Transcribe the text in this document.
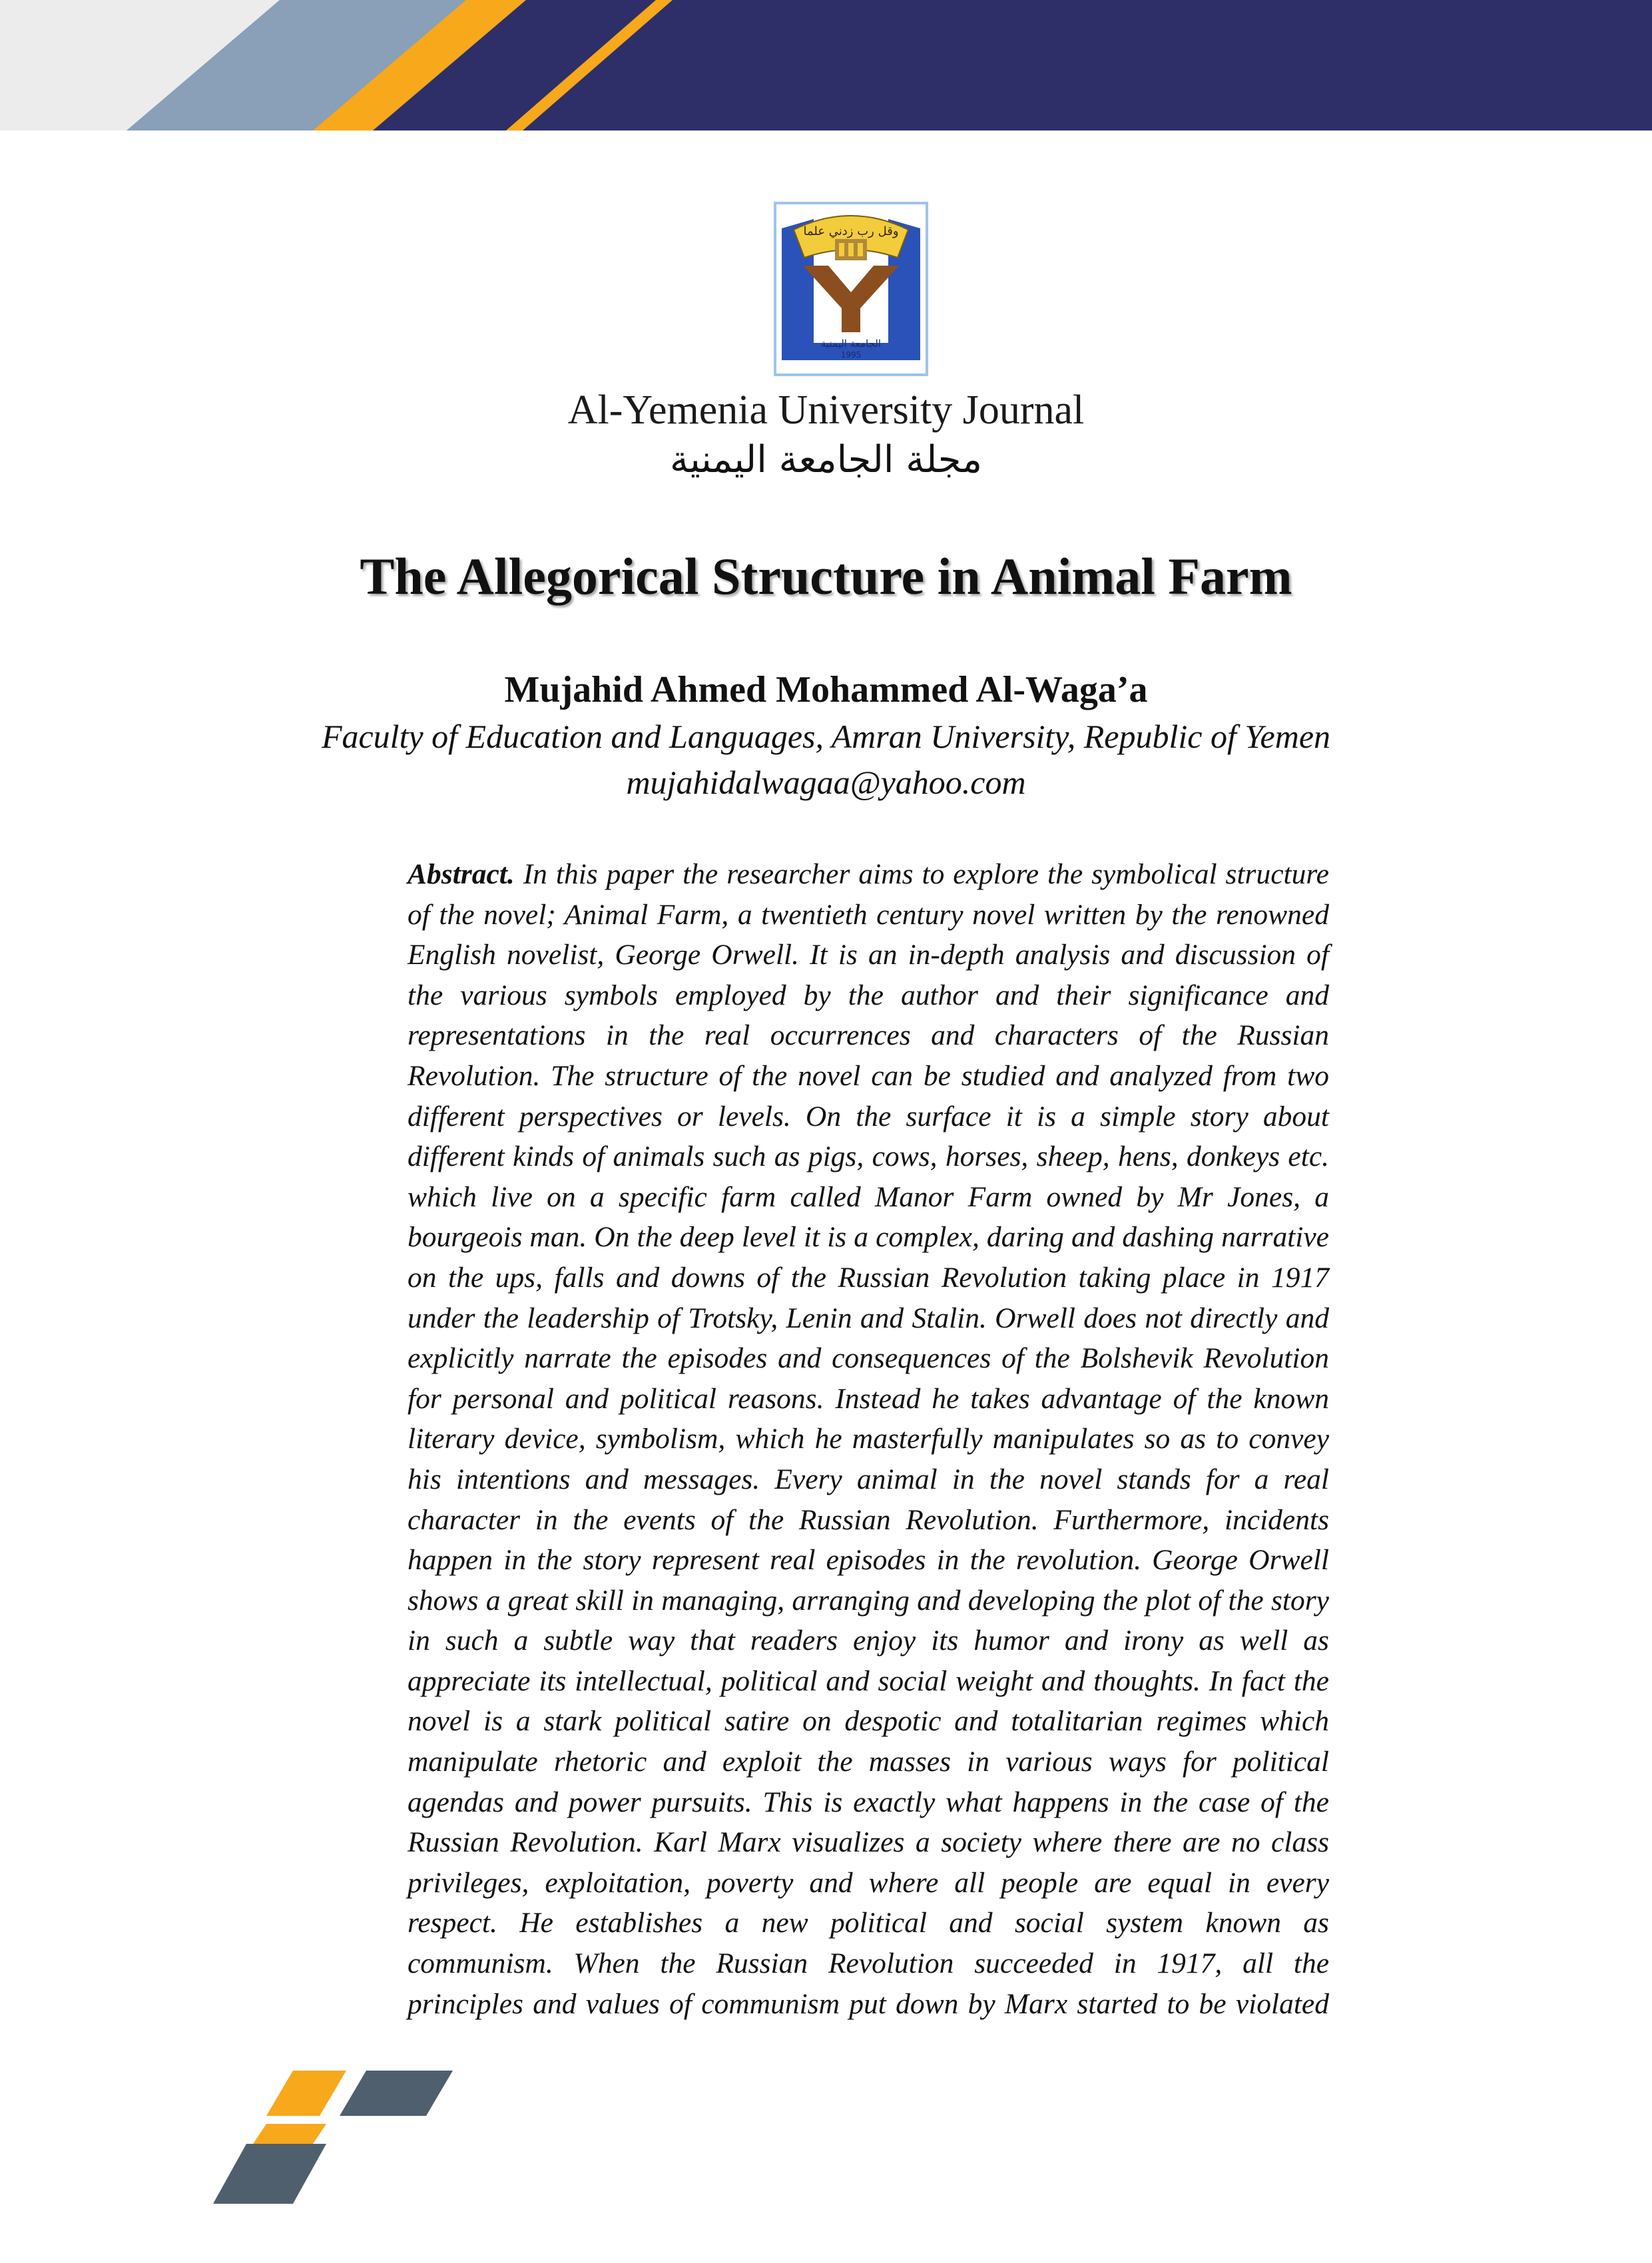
وقل رب زدني علما
الجامعة اليمنية
1995
Al-Yemenia University Journal
مجلة الجامعة اليمنية
The Allegorical Structure in Animal Farm
Mujahid Ahmed Mohammed Al-Waga’a
Faculty of Education and Languages, Amran University, Republic of Yemen
mujahidalwagaa@yahoo.com

Abstract. In this paper the researcher aims to explore the symbolical structure of the novel; Animal Farm, a twentieth century novel written by the renowned English novelist, George Orwell. It is an in-depth analysis and discussion of the various symbols employed by the author and their significance and representations in the real occurrences and characters of the Russian Revolution. The structure of the novel can be studied and analyzed from two different perspectives or levels. On the surface it is a simple story about different kinds of animals such as pigs, cows, horses, sheep, hens, donkeys etc. which live on a specific farm called Manor Farm owned by Mr Jones, a bourgeois man. On the deep level it is a complex, daring and dashing narrative on the ups, falls and downs of the Russian Revolution taking place in 1917 under the leadership of Trotsky, Lenin and Stalin. Orwell does not directly and explicitly narrate the episodes and consequences of the Bolshevik Revolution for personal and political reasons. Instead he takes advantage of the known literary device, symbolism, which he masterfully manipulates so as to convey his intentions and messages. Every animal in the novel stands for a real character in the events of the Russian Revolution. Furthermore, incidents happen in the story represent real episodes in the revolution. George Orwell shows a great skill in managing, arranging and developing the plot of the story in such a subtle way that readers enjoy its humor and irony as well as appreciate its intellectual, political and social weight and thoughts. In fact the novel is a stark political satire on despotic and totalitarian regimes which manipulate rhetoric and exploit the masses in various ways for political agendas and power pursuits. This is exactly what happens in the case of the Russian Revolution. Karl Marx visualizes a society where there are no class privileges, exploitation, poverty and where all people are equal in every respect. He establishes a new political and social system known as communism. When the Russian Revolution succeeded in 1917, all the principles and values of communism put down by Marx started to be violated
